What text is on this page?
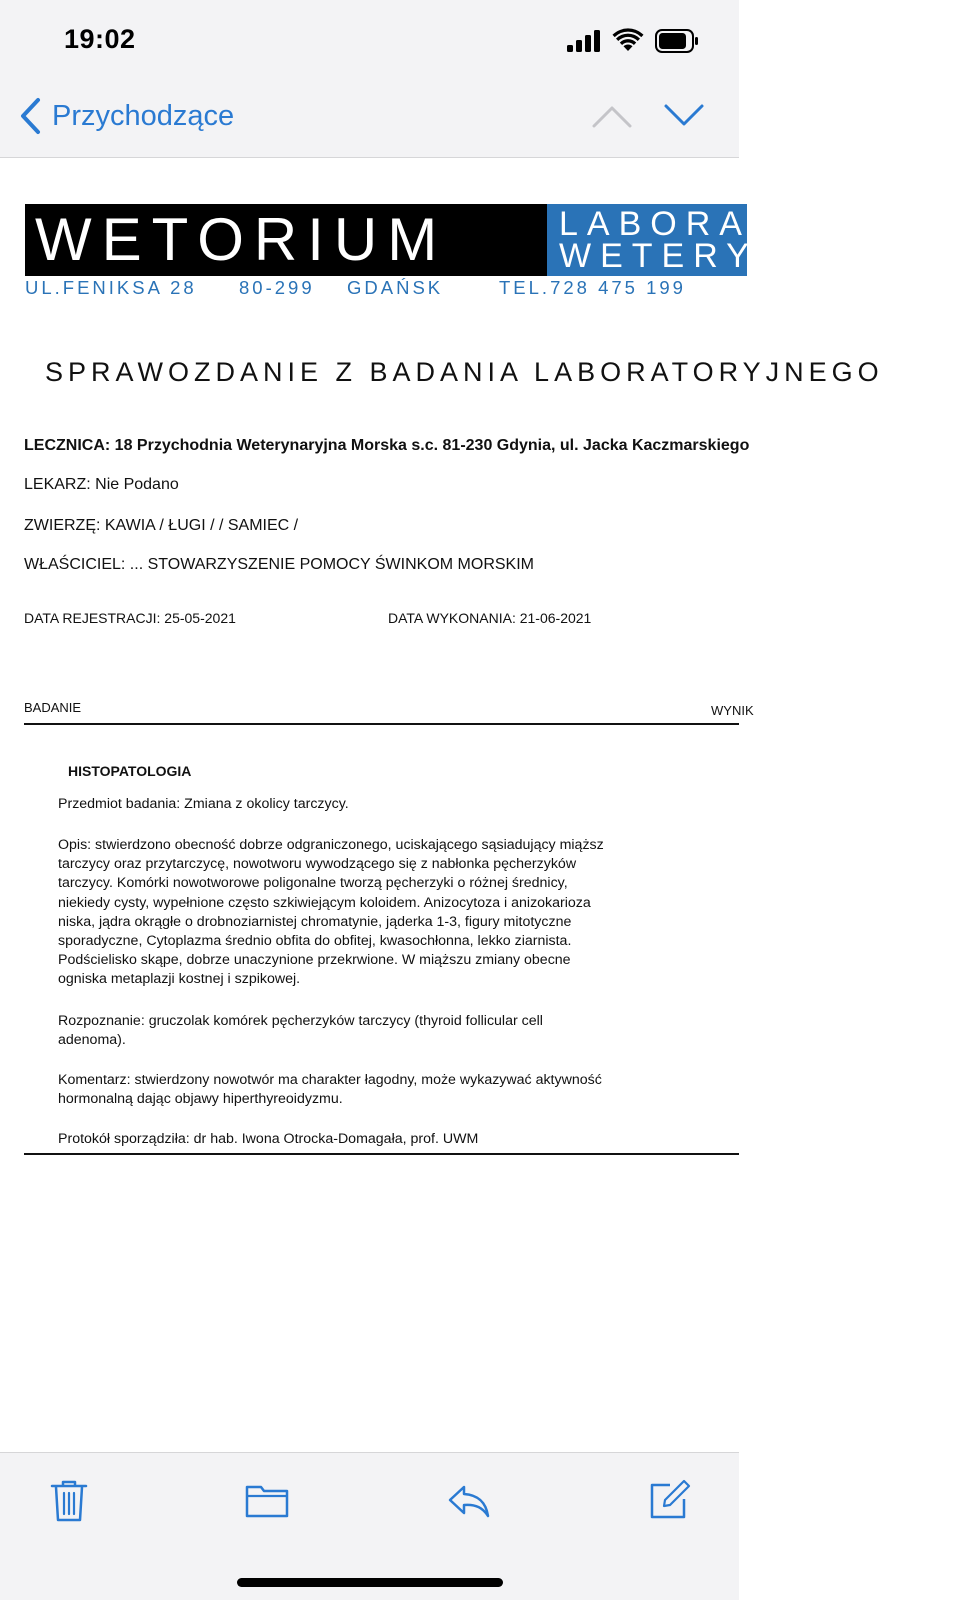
19:02
Przychodzące
WETORIUM	LABORATORIUM
WETERYNARYJNE
UL.FENIKSA 28 80-299 GDAŃSK	TEL.728 475 199
SPRAWOZDANIE Z BADANIA LABORATORYJNEGO
LECZNICA: 18 Przychodnia Weterynaryjna Morska s.c. 81-230 Gdynia, ul. Jacka Kaczmarskiego
LEKARZ: Nie Podano
ZWIERZĘ: KAWIA / ŁUGI / / SAMIEC /
WŁAŚCICIEL: ... STOWARZYSZENIE POMOCY ŚWINKOM MORSKIM
DATA REJESTRACJI: 25-05-2021	DATA WYKONANIA: 21-06-2021
BADANIE	WYNIK
HISTOPATOLOGIA
Przedmiot badania: Zmiana z okolicy tarczycy.
Opis: stwierdzono obecność dobrze odgraniczonego, uciskającego sąsiadujący miąższ
tarczycy oraz przytarczycę, nowotworu wywodzącego się z nabłonka pęcherzyków
tarczycy. Komórki nowotworowe poligonalne tworzą pęcherzyki o różnej średnicy,
niekiedy cysty, wypełnione często szkiwiejącym koloidem. Anizocytoza i anizokarioza
niska, jądra okrągłe o drobnoziarnistej chromatynie, jąderka 1-3, figury mitotyczne
sporadyczne, Cytoplazma średnio obfita do obfitej, kwasochłonna, lekko ziarnista.
Podścielisko skąpe, dobrze unaczynione przekrwione. W miąższu zmiany obecne
ogniska metaplazji kostnej i szpikowej.
Rozpoznanie: gruczolak komórek pęcherzyków tarczycy (thyroid follicular cell
adenoma).
Komentarz: stwierdzony nowotwór ma charakter łagodny, może wykazywać aktywność
hormonalną dając objawy hiperthyreoidyzmu.
Protokół sporządziła: dr hab. Iwona Otrocka-Domagała, prof. UWM
